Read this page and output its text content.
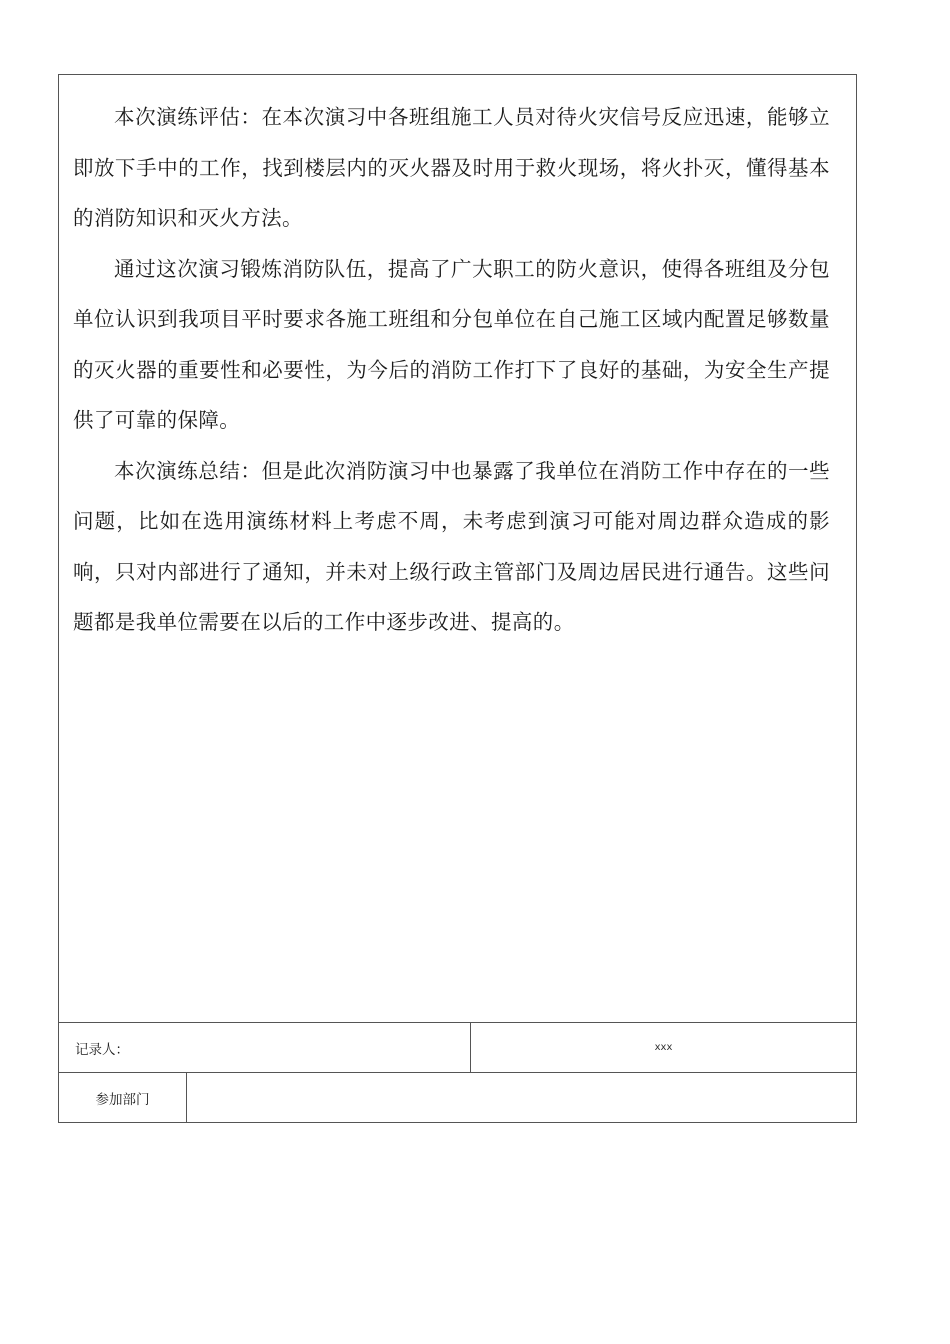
本次演练评估：在本次演习中各班组施工人员对待火灾信号反应迅速，能够立即放下手中的工作，找到楼层内的灭火器及时用于救火现场，将火扑灭，懂得基本的消防知识和灭火方法。

通过这次演习锻炼消防队伍，提高了广大职工的防火意识，使得各班组及分包单位认识到我项目平时要求各施工班组和分包单位在自己施工区域内配置足够数量的灭火器的重要性和必要性，为今后的消防工作打下了良好的基础，为安全生产提供了可靠的保障。

本次演练总结：但是此次消防演习中也暴露了我单位在消防工作中存在的一些问题，比如在选用演练材料上考虑不周，未考虑到演习可能对周边群众造成的影响，只对内部进行了通知，并未对上级行政主管部门及周边居民进行通告。这些问题都是我单位需要在以后的工作中逐步改进、提高的。

记录人：	xxx
参加部门
